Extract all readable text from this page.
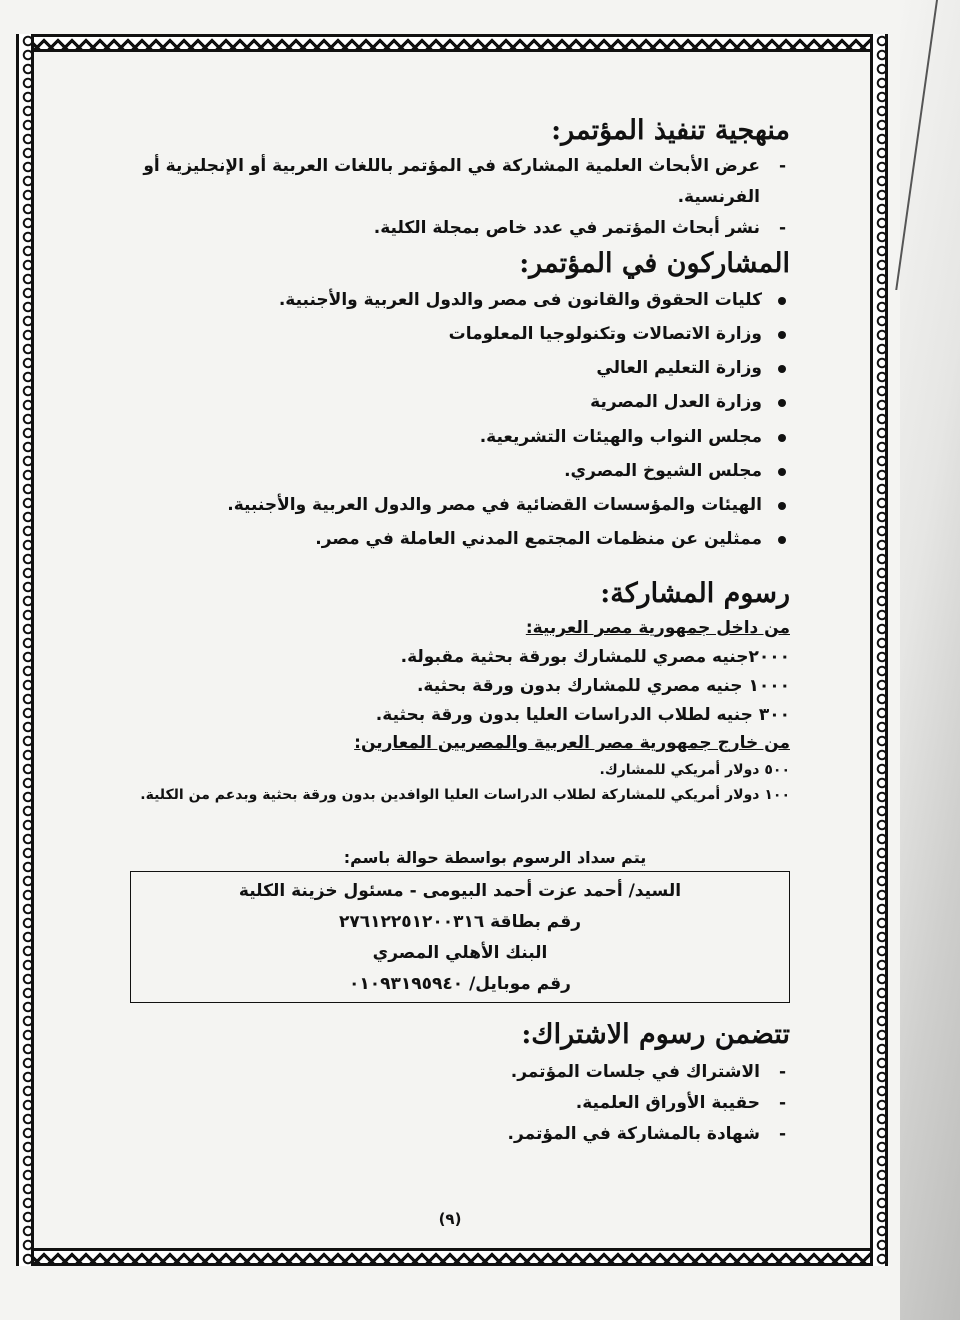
منهجية تنفيذ المؤتمر:
- عرض الأبحاث العلمية المشاركة في المؤتمر باللغات العربية أو الإنجليزية أو الفرنسية.
- نشر أبحاث المؤتمر في عدد خاص بمجلة الكلية.
المشاركون في المؤتمر:
كليات الحقوق والقانون فى مصر والدول العربية والأجنبية.
وزارة الاتصالات وتكنولوجيا المعلومات
وزارة التعليم العالي
وزارة العدل المصرية
مجلس النواب والهيئات التشريعية.
مجلس الشيوخ المصري.
الهيئات والمؤسسات القضائية في مصر والدول العربية والأجنبية.
ممثلين عن منظمات المجتمع المدني العاملة في مصر.
رسوم المشاركة:
من داخل جمهورية مصر العربية:

٢٠٠٠جنيه مصري للمشارك بورقة بحثية مقبولة.

١٠٠٠ جنيه مصري للمشارك بدون ورقة بحثية.

٣٠٠ جنيه لطلاب الدراسات العليا بدون ورقة بحثية.

من خارج جمهورية مصر العربية والمصريين المعارين:

٥٠٠ دولار أمريكي للمشارك.

١٠٠ دولار أمريكي للمشاركة لطلاب الدراسات العليا الوافدين بدون ورقة بحثية وبدعم من الكلية.

يتم سداد الرسوم بواسطة حوالة باسم:

السيد/ أحمد عزت أحمد البيومى - مسئول خزينة الكلية

رقم بطاقة ٢٧٦١٢٢٥١٢٠٠٣١٦

البنك الأهلي المصري

رقم موبايل/ ٠١٠٩٣١٩٥٩٤٠

تتضمن رسوم الاشتراك:
- الاشتراك في جلسات المؤتمر.
- حقيبة الأوراق العلمية.
- شهادة بالمشاركة في المؤتمر.
(٩)
